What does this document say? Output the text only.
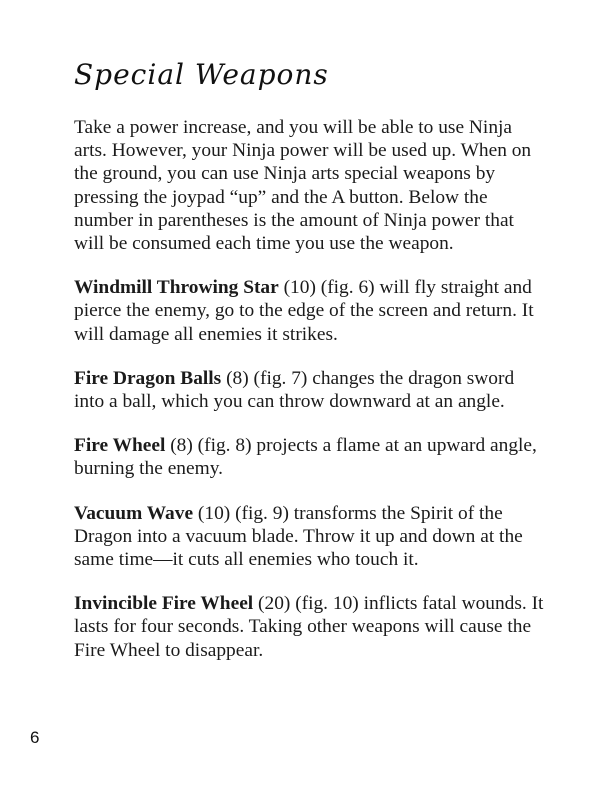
Special Weapons

Take a power increase, and you will be able to use Ninja arts. However, your Ninja power will be used up. When on the ground, you can use Ninja arts special weapons by pressing the joypad “up” and the A button. Below the number in parentheses is the amount of Ninja power that will be consumed each time you use the weapon.

Windmill Throwing Star (10) (fig. 6) will fly straight and pierce the enemy, go to the edge of the screen and return. It will damage all enemies it strikes.

Fire Dragon Balls (8) (fig. 7) changes the dragon sword into a ball, which you can throw downward at an angle.

Fire Wheel (8) (fig. 8) projects a flame at an upward angle, burning the enemy.

Vacuum Wave (10) (fig. 9) transforms the Spirit of the Dragon into a vacuum blade. Throw it up and down at the same time—it cuts all enemies who touch it.

Invincible Fire Wheel (20) (fig. 10) inflicts fatal wounds. It lasts for four seconds. Taking other weapons will cause the Fire Wheel to disappear.

6
